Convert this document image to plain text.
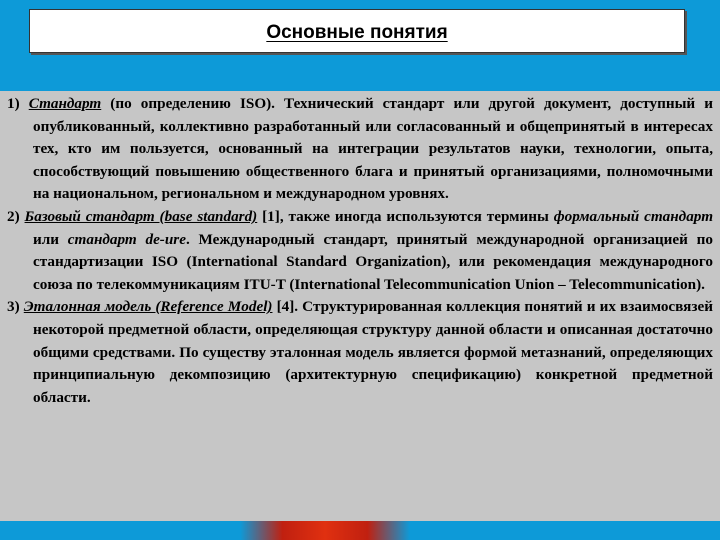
Основные понятия

1) Стандарт (по определению ISO). Технический стандарт или другой документ, доступный и опубликованный, коллективно разработанный или согласованный и общепринятый в интересах тех, кто им пользуется, основанный на интеграции результатов науки, технологии, опыта, способствующий повышению общественного блага и принятый организациями, полномочными на национальном, региональном и международном уровнях.

2) Базовый стандарт (base standard) [1], также иногда используются термины формальный стандарт или стандарт de-ure. Международный стандарт, принятый международной организацией по стандартизации ISO (International Standard Organization), или рекомендация международного союза по телекоммуникациям ITU-T (International Telecommunication Union – Telecommunication).

3) Эталонная модель (Reference Model) [4]. Структурированная коллекция понятий и их взаимосвязей некоторой предметной области, определяющая структуру данной области и описанная достаточно общими средствами. По существу эталонная модель является формой метазнаний, определяющих принципиальную декомпозицию (архитектурную спецификацию) конкретной предметной области.
